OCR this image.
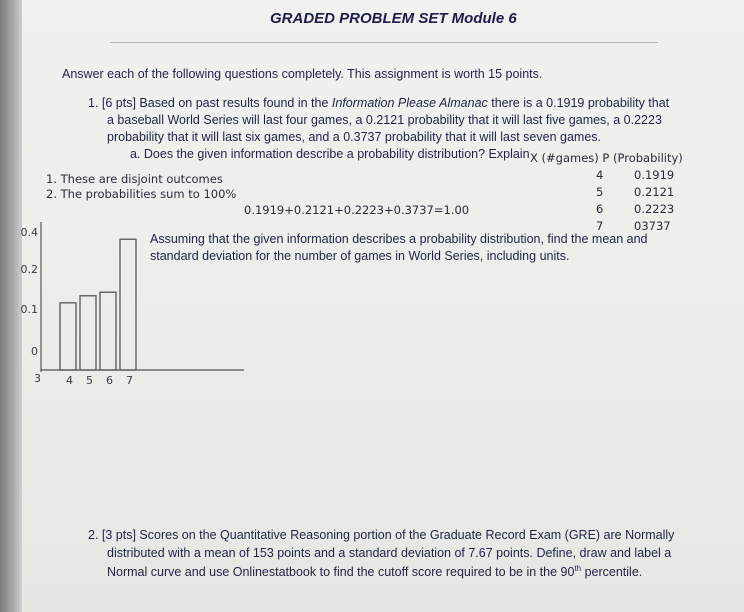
GRADED PROBLEM SET Module 6
Answer each of the following questions completely. This assignment is worth 15 points.
1. [6 pts] Based on past results found in the Information Please Almanac there is a 0.1919 probability that
a baseball World Series will last four games, a 0.2121 probability that it will last five games, a 0.2223
probability that it will last six games, and a 0.3737 probability that it will last seven games.
a. Does the given information describe a probability distribution? Explain X (#games) P (Probability)
1. These are disjoint outcomes
2. The probabilities sum to 100%
4	0.1919
5	0.2121
6	0.2223
7	03737
0.1919+0.2121+0.2223+0.3737=1.00
Assuming that the given information describes a probability distribution, find the mean and
standard deviation for the number of games in World Series, including units.
4 5 6 7
3
0.4
0.2
0.1
0
2. [3 pts] Scores on the Quantitative Reasoning portion of the Graduate Record Exam (GRE) are Normally
distributed with a mean of 153 points and a standard deviation of 7.67 points. Define, draw and label a
Normal curve and use Onlinestatbook to find the cutoff score required to be in the 90th percentile.
